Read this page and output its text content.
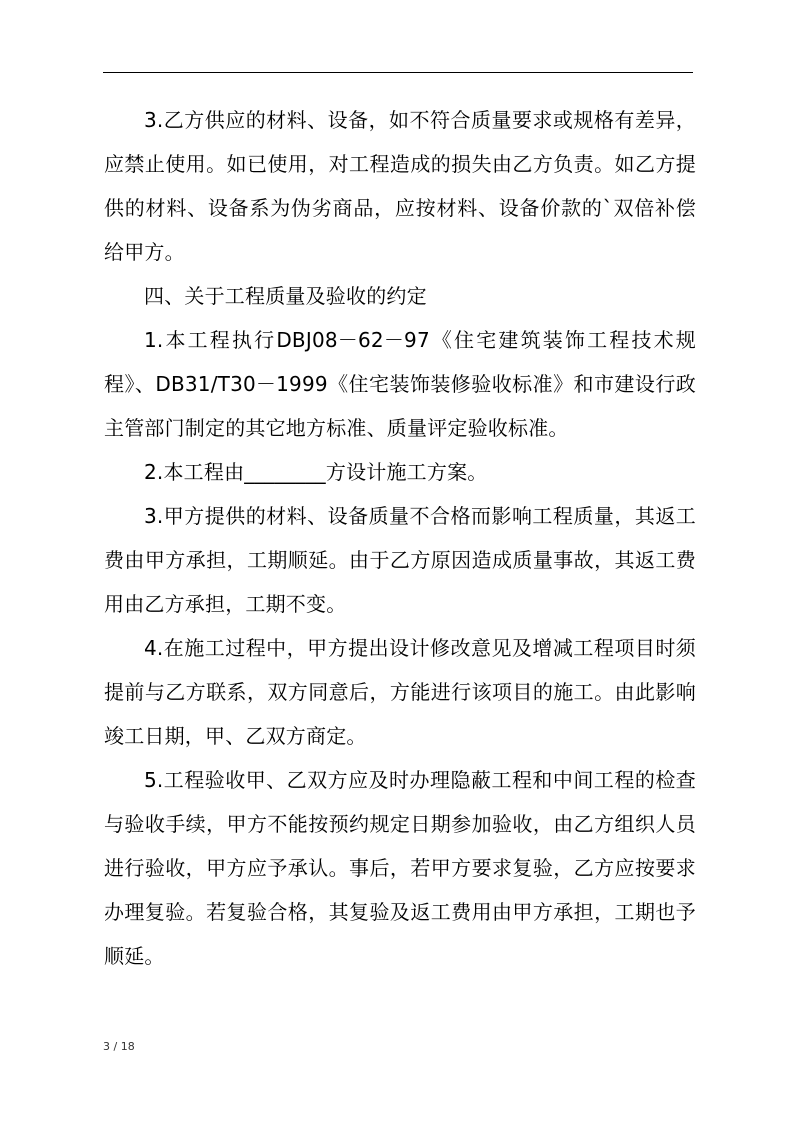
3.乙方供应的材料、设备，如不符合质量要求或规格有差异，应禁止使用。如已使用，对工程造成的损失由乙方负责。如乙方提供的材料、设备系为伪劣商品，应按材料、设备价款的`双倍补偿给甲方。

四、关于工程质量及验收的约定

1.本工程执行DBJ08－62－97《住宅建筑装饰工程技术规程》、DB31/T30－1999《住宅装饰装修验收标准》和市建设行政主管部门制定的其它地方标准、质量评定验收标准。

2.本工程由________方设计施工方案。

3.甲方提供的材料、设备质量不合格而影响工程质量，其返工费由甲方承担，工期顺延。由于乙方原因造成质量事故，其返工费用由乙方承担，工期不变。

4.在施工过程中，甲方提出设计修改意见及增减工程项目时须提前与乙方联系，双方同意后，方能进行该项目的施工。由此影响竣工日期，甲、乙双方商定。

5.工程验收甲、乙双方应及时办理隐蔽工程和中间工程的检查与验收手续，甲方不能按预约规定日期参加验收，由乙方组织人员进行验收，甲方应予承认。事后，若甲方要求复验，乙方应按要求办理复验。若复验合格，其复验及返工费用由甲方承担，工期也予顺延。

3 / 18
